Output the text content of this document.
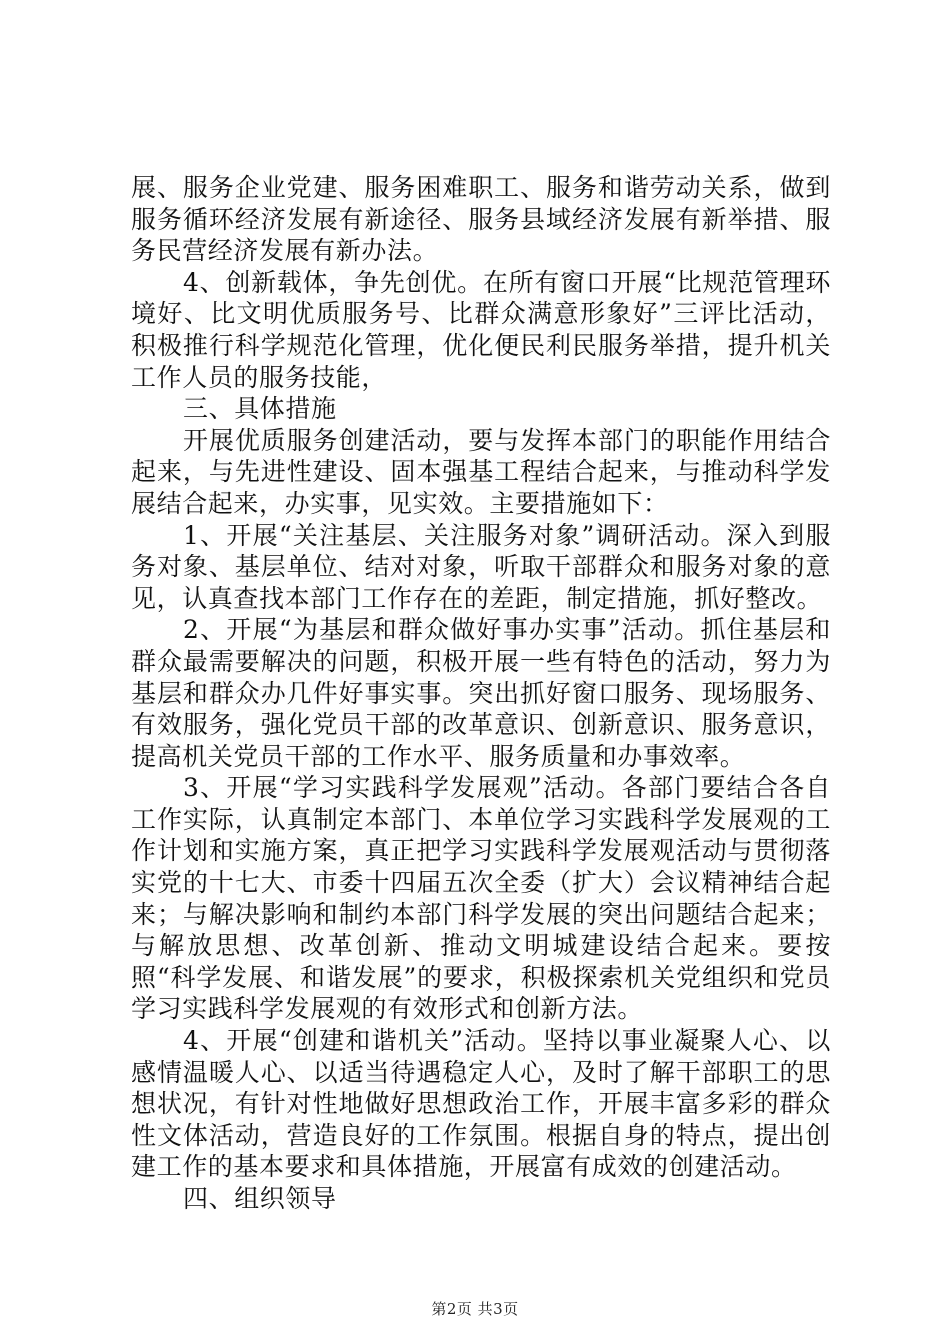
展、服务企业党建、服务困难职工、服务和谐劳动关系，做到服务循环经济发展有新途径、服务县域经济发展有新举措、服务民营经济发展有新办法。

4、创新载体，争先创优。在所有窗口开展“比规范管理环境好、比文明优质服务号、比群众满意形象好”三评比活动，积极推行科学规范化管理，优化便民利民服务举措，提升机关工作人员的服务技能，

三、具体措施

开展优质服务创建活动，要与发挥本部门的职能作用结合起来，与先进性建设、固本强基工程结合起来，与推动科学发展结合起来，办实事，见实效。主要措施如下：

1、开展“关注基层、关注服务对象”调研活动。深入到服务对象、基层单位、结对对象，听取干部群众和服务对象的意见，认真查找本部门工作存在的差距，制定措施，抓好整改。

2、开展“为基层和群众做好事办实事”活动。抓住基层和群众最需要解决的问题，积极开展一些有特色的活动，努力为基层和群众办几件好事实事。突出抓好窗口服务、现场服务、有效服务，强化党员干部的改革意识、创新意识、服务意识，提高机关党员干部的工作水平、服务质量和办事效率。

3、开展“学习实践科学发展观”活动。各部门要结合各自工作实际，认真制定本部门、本单位学习实践科学发展观的工作计划和实施方案，真正把学习实践科学发展观活动与贯彻落实党的十七大、市委十四届五次全委（扩大）会议精神结合起来；与解决影响和制约本部门科学发展的突出问题结合起来；与解放思想、改革创新、推动文明城建设结合起来。要按照“科学发展、和谐发展”的要求，积极探索机关党组织和党员学习实践科学发展观的有效形式和创新方法。

4、开展“创建和谐机关”活动。坚持以事业凝聚人心、以感情温暖人心、以适当待遇稳定人心，及时了解干部职工的思想状况，有针对性地做好思想政治工作，开展丰富多彩的群众性文体活动，营造良好的工作氛围。根据自身的特点，提出创建工作的基本要求和具体措施，开展富有成效的创建活动。

四、组织领导

第2页 共3页
